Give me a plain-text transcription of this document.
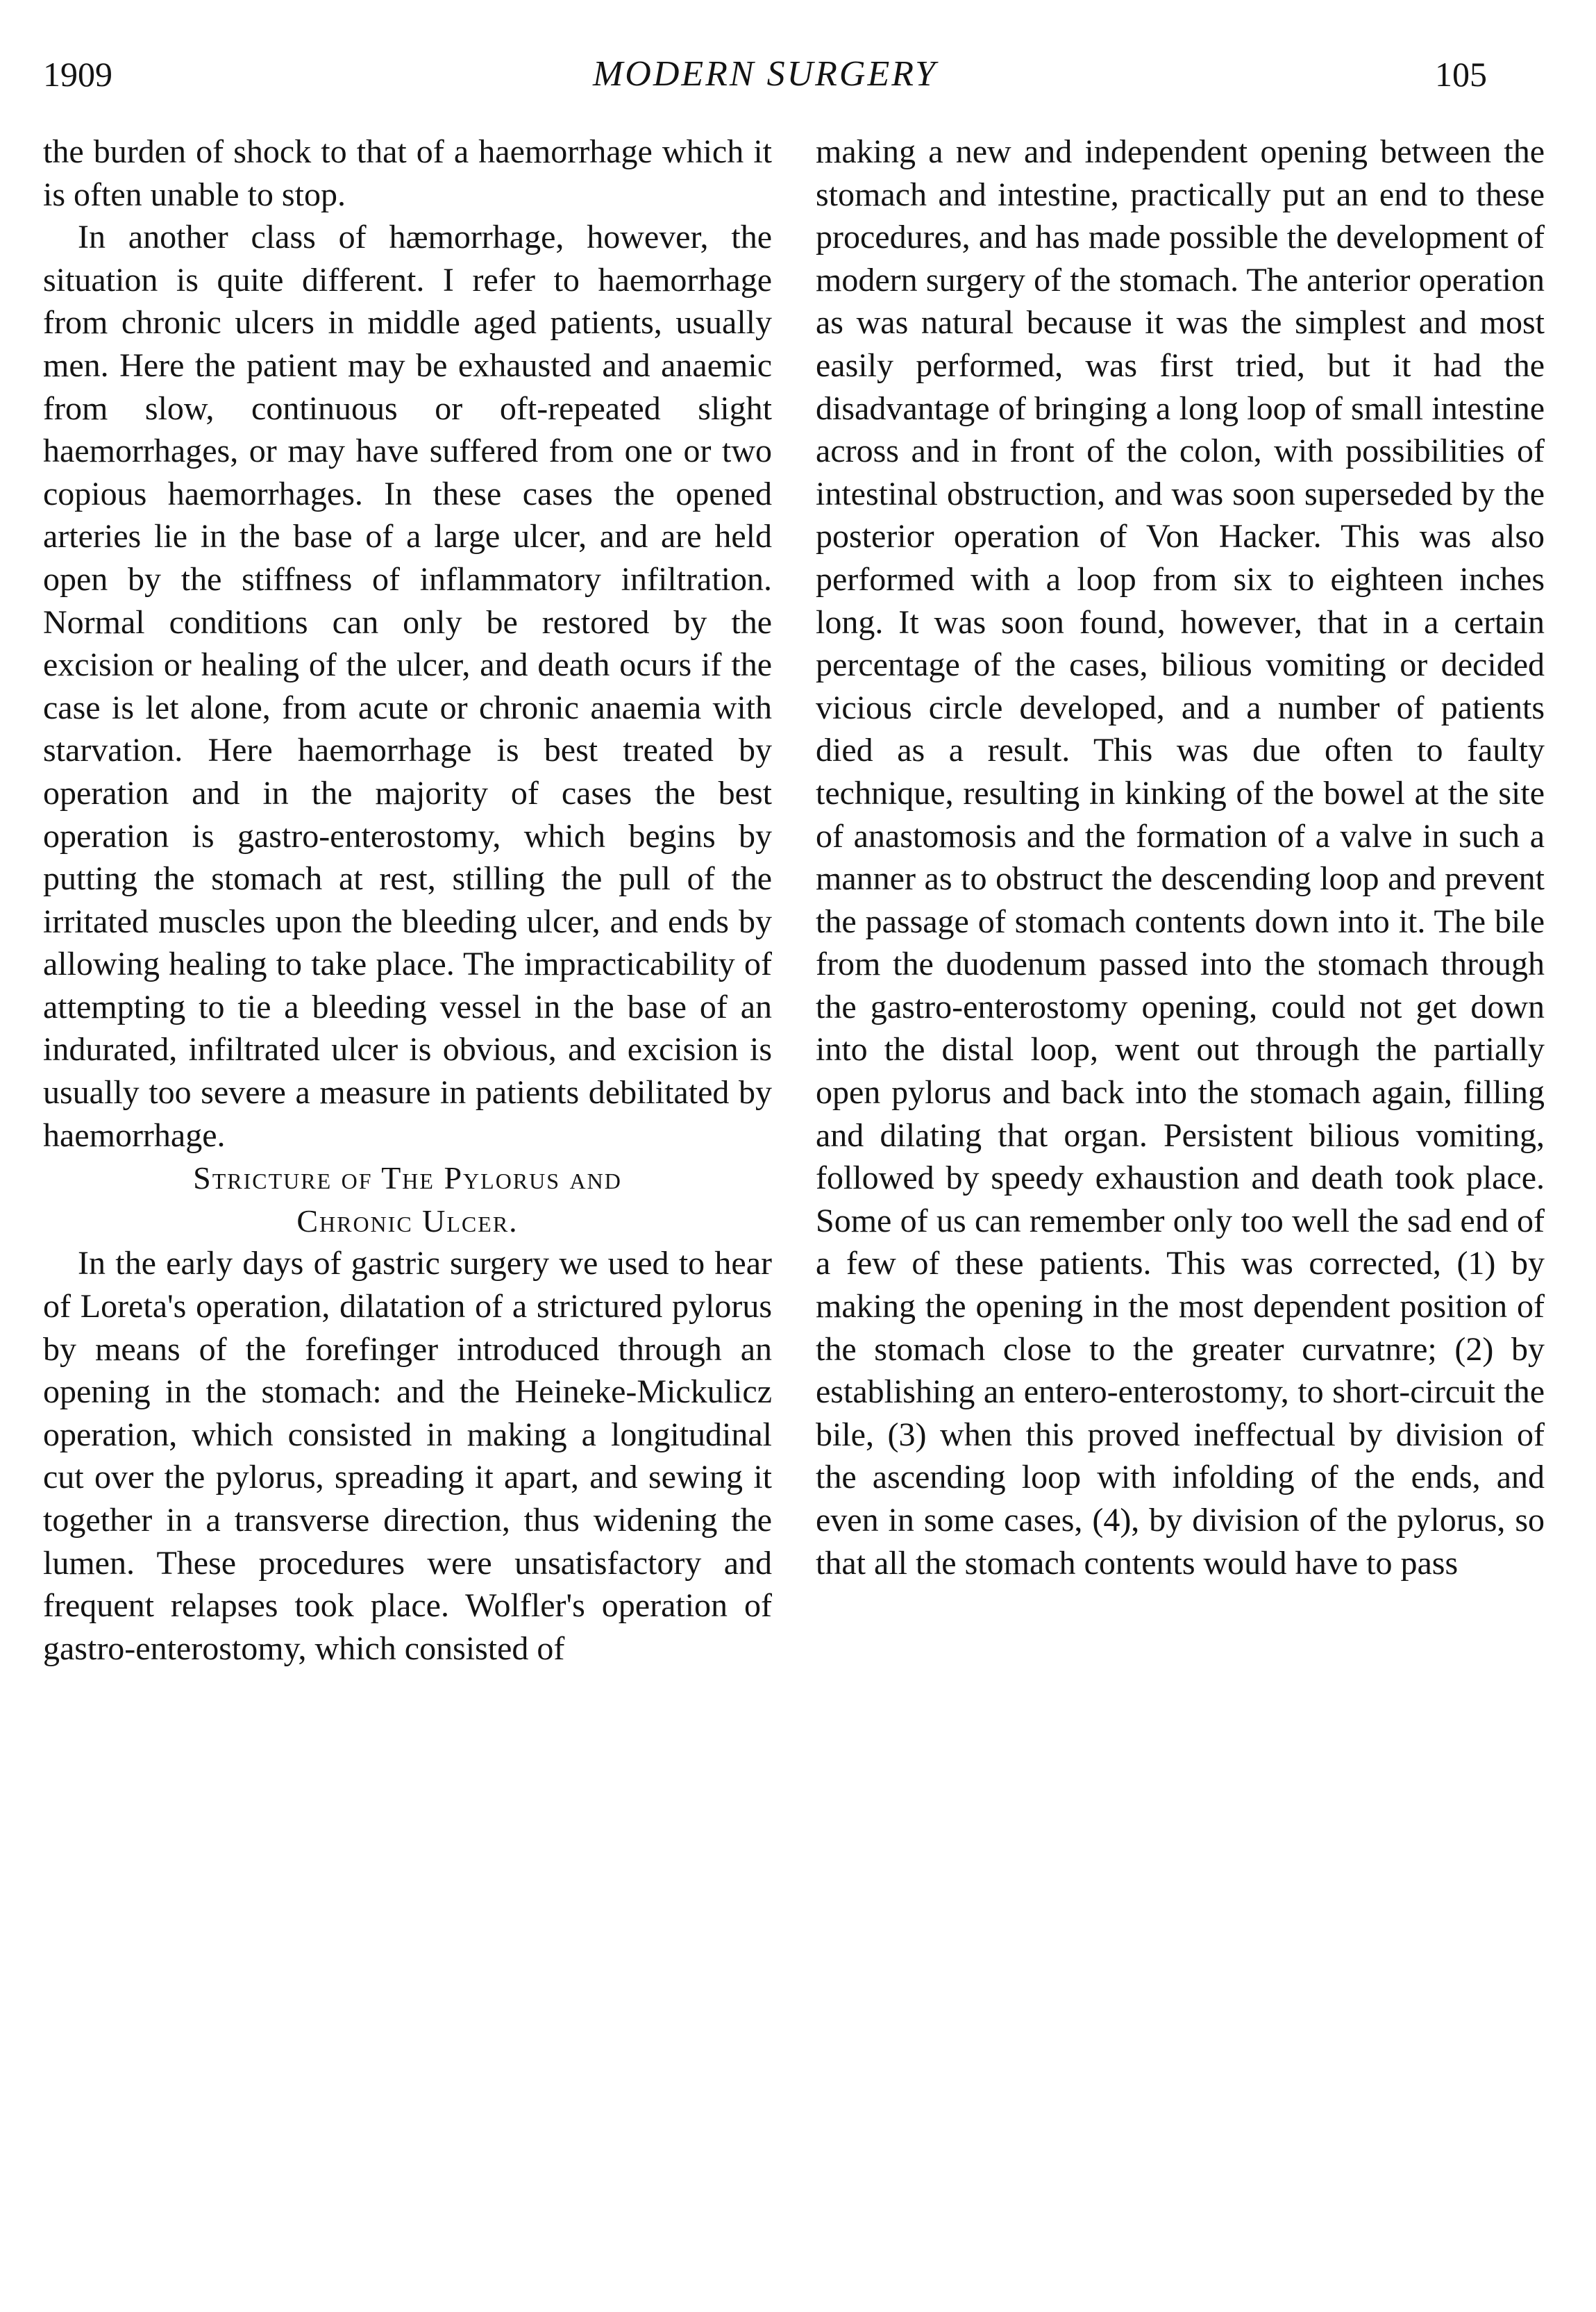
1909	MODERN SURGERY	105

the burden of shock to that of a haemorrhage which it is often unable to stop.

In another class of hæmorrhage, however, the situation is quite different. I refer to haemorrhage from chronic ulcers in middle aged patients, usually men. Here the patient may be exhausted and anaemic from slow, continuous or oft-repeated slight haemorrhages, or may have suffered from one or two copious haemorrhages. In these cases the opened arteries lie in the base of a large ulcer, and are held open by the stiffness of inflammatory infiltration. Normal conditions can only be restored by the excision or healing of the ulcer, and death ocurs if the case is let alone, from acute or chronic anaemia with starvation. Here haemorrhage is best treated by operation and in the majority of cases the best operation is gastro-enterostomy, which begins by putting the stomach at rest, stilling the pull of the irritated muscles upon the bleeding ulcer, and ends by allowing healing to take place. The impracticability of attempting to tie a bleeding vessel in the base of an indurated, infiltrated ulcer is obvious, and excision is usually too severe a measure in patients debilitated by haemorrhage.

Stricture of The Pylorus and
Chronic Ulcer.

In the early days of gastric surgery we used to hear of Loreta's operation, dilatation of a strictured pylorus by means of the forefinger introduced through an opening in the stomach: and the Heineke-Mickulicz operation, which consisted in making a longitudinal cut over the pylorus, spreading it apart, and sewing it together in a transverse direction, thus widening the lumen. These procedures were unsatisfactory and frequent relapses took place. Wolfler's operation of gastro-enterostomy, which consisted of

making a new and independent opening between the stomach and intestine, practically put an end to these procedures, and has made possible the development of modern surgery of the stomach. The anterior operation as was natural because it was the simplest and most easily performed, was first tried, but it had the disadvantage of bringing a long loop of small intestine across and in front of the colon, with possibilities of intestinal obstruction, and was soon superseded by the posterior operation of Von Hacker. This was also performed with a loop from six to eighteen inches long. It was soon found, however, that in a certain percentage of the cases, bilious vomiting or decided vicious circle developed, and a number of patients died as a result. This was due often to faulty technique, resulting in kinking of the bowel at the site of anastomosis and the formation of a valve in such a manner as to obstruct the descending loop and prevent the passage of stomach contents down into it. The bile from the duodenum passed into the stomach through the gastro-enterostomy opening, could not get down into the distal loop, went out through the partially open pylorus and back into the stomach again, filling and dilating that organ. Persistent bilious vomiting, followed by speedy exhaustion and death took place. Some of us can remember only too well the sad end of a few of these patients. This was corrected, (1) by making the opening in the most dependent position of the stomach close to the greater curvatnre; (2) by establishing an entero-enterostomy, to short-circuit the bile, (3) when this proved ineffectual by division of the ascending loop with infolding of the ends, and even in some cases, (4), by division of the pylorus, so that all the stomach contents would have to pass
